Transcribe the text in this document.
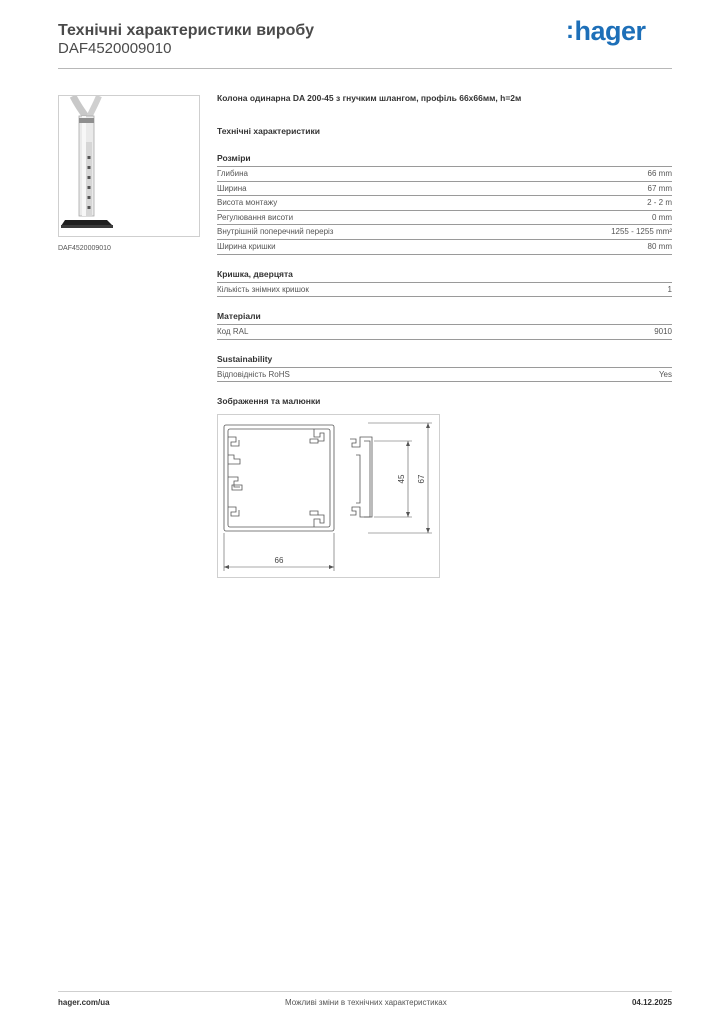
Технічні характеристики виробу
DAF4520009010
:hager
DAF4520009010
Колона одинарна DA 200-45 з гнучким шлангом, профіль 66х66мм, h=2м
Технічні характеристики
Розміри
Глибина	66 mm
Ширина	67 mm
Висота монтажу	2 - 2 m
Регулювання висоти	0 mm
Внутрішній поперечний переріз	1255 - 1255 mm²
Ширина кришки	80 mm
Кришка, дверцята
Кількість знімних кришок	1
Матеріали
Код RAL	9010
Sustainability
Відповідність RoHS	Yes
Зображення та малюнки
45 67
66
hager.com/ua	Можливі зміни в технічних характеристиках	04.12.2025
